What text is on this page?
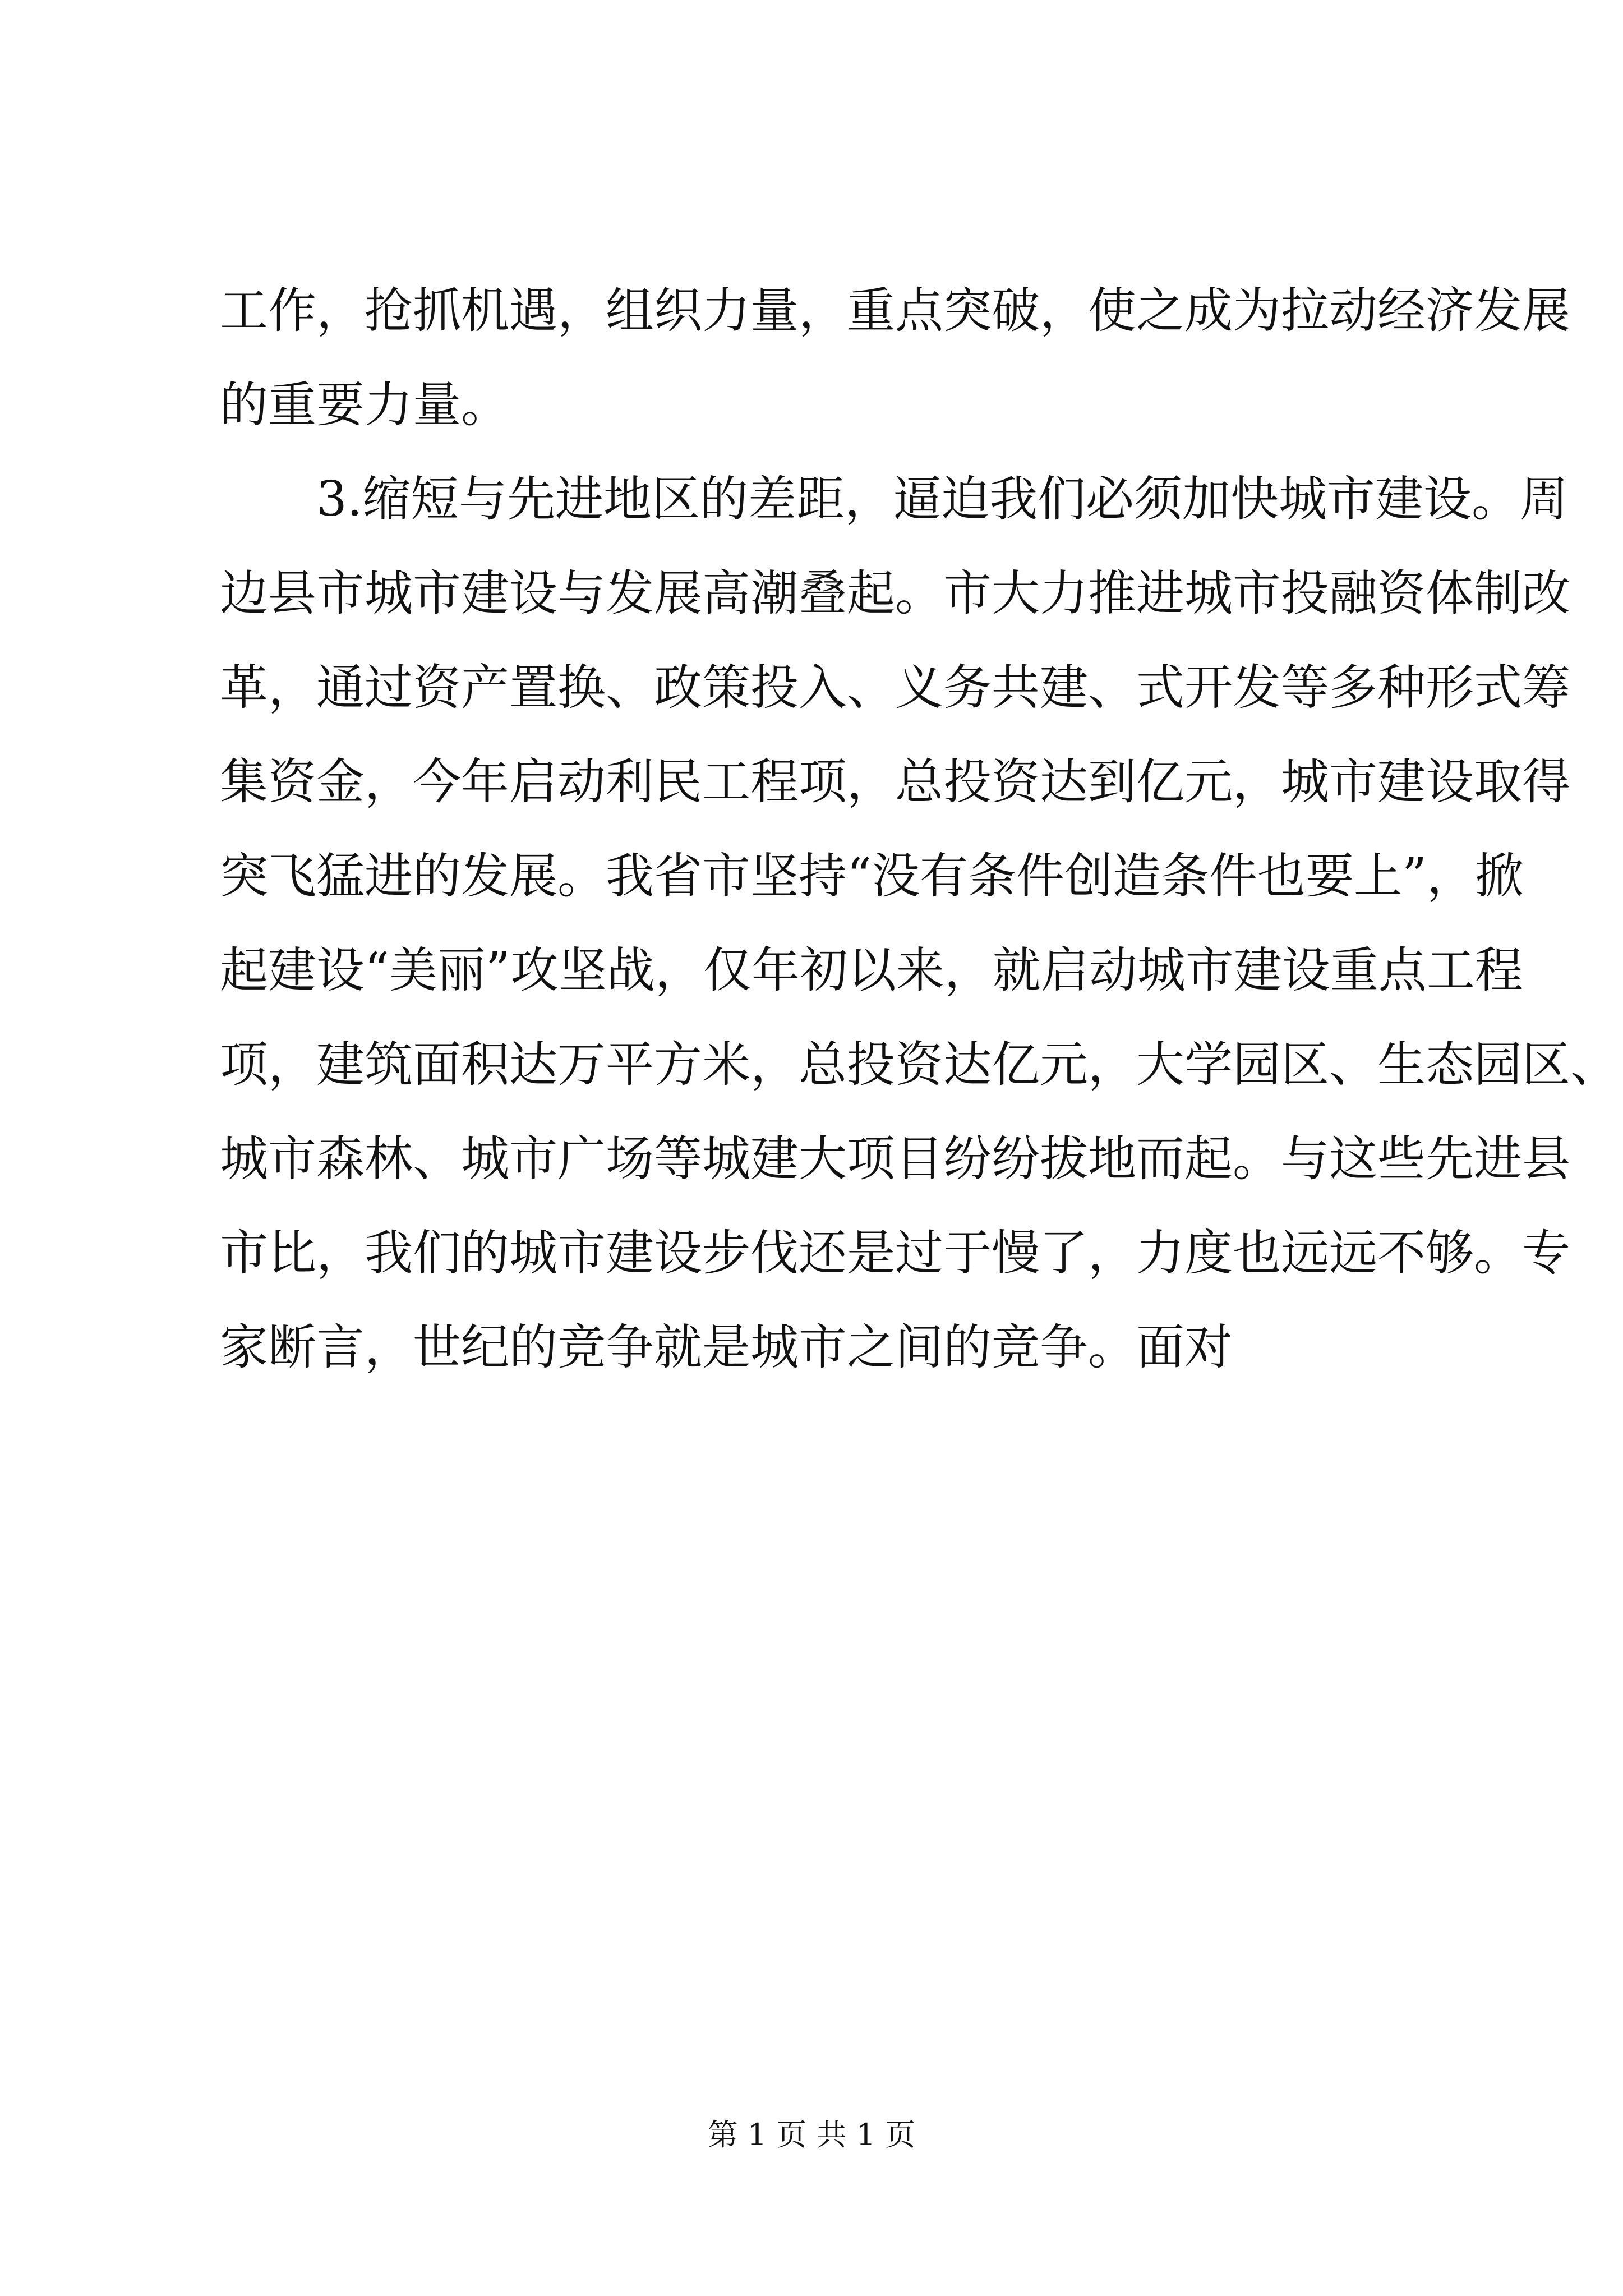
工作，抢抓机遇，组织力量，重点突破，使之成为拉动经济发展
的重要力量。
3.缩短与先进地区的差距，逼迫我们必须加快城市建设。周
边县市城市建设与发展高潮叠起。市大力推进城市投融资体制改
革，通过资产置换、政策投入、义务共建、式开发等多种形式筹
集资金，今年启动利民工程项，总投资达到亿元，城市建设取得
突飞猛进的发展。我省市坚持“没有条件创造条件也要上”，掀
起建设“美丽”攻坚战，仅年初以来，就启动城市建设重点工程
项，建筑面积达万平方米，总投资达亿元，大学园区、生态园区、
城市森林、城市广场等城建大项目纷纷拔地而起。与这些先进县
市比，我们的城市建设步伐还是过于慢了，力度也远远不够。专
家断言，世纪的竞争就是城市之间的竞争。面对
第 1 页 共 1 页
